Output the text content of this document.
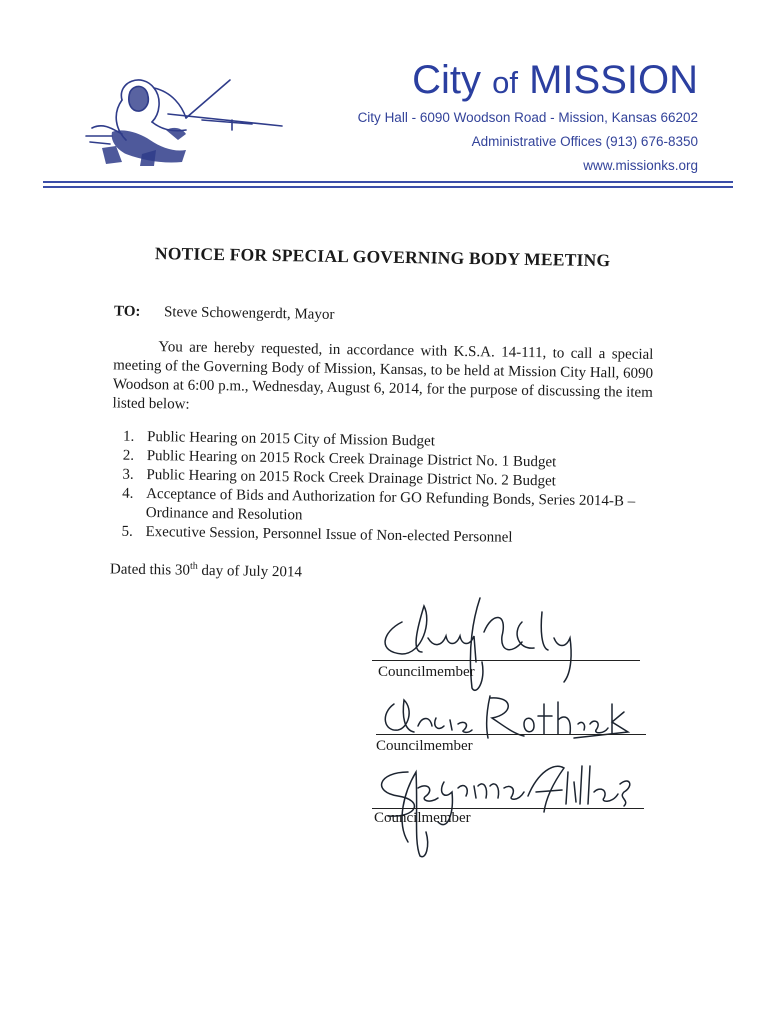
City of MISSION
City Hall - 6090 Woodson Road - Mission, Kansas 66202
Administrative Offices (913) 676-8350
www.missionks.org
NOTICE FOR SPECIAL GOVERNING BODY MEETING
TO: Steve Schowengerdt, Mayor
You are hereby requested, in accordance with K.S.A. 14-111, to call a special meeting of the Governing Body of Mission, Kansas, to be held at Mission City Hall, 6090 Woodson at 6:00 p.m., Wednesday, August 6, 2014, for the purpose of discussing the item listed below:
1. Public Hearing on 2015 City of Mission Budget
2. Public Hearing on 2015 Rock Creek Drainage District No. 1 Budget
3. Public Hearing on 2015 Rock Creek Drainage District No. 2 Budget
4. Acceptance of Bids and Authorization for GO Refunding Bonds, Series 2014-B – Ordinance and Resolution
5. Executive Session, Personnel Issue of Non-elected Personnel
Dated this 30th day of July 2014
Councilmember
Councilmember
Councilmember
